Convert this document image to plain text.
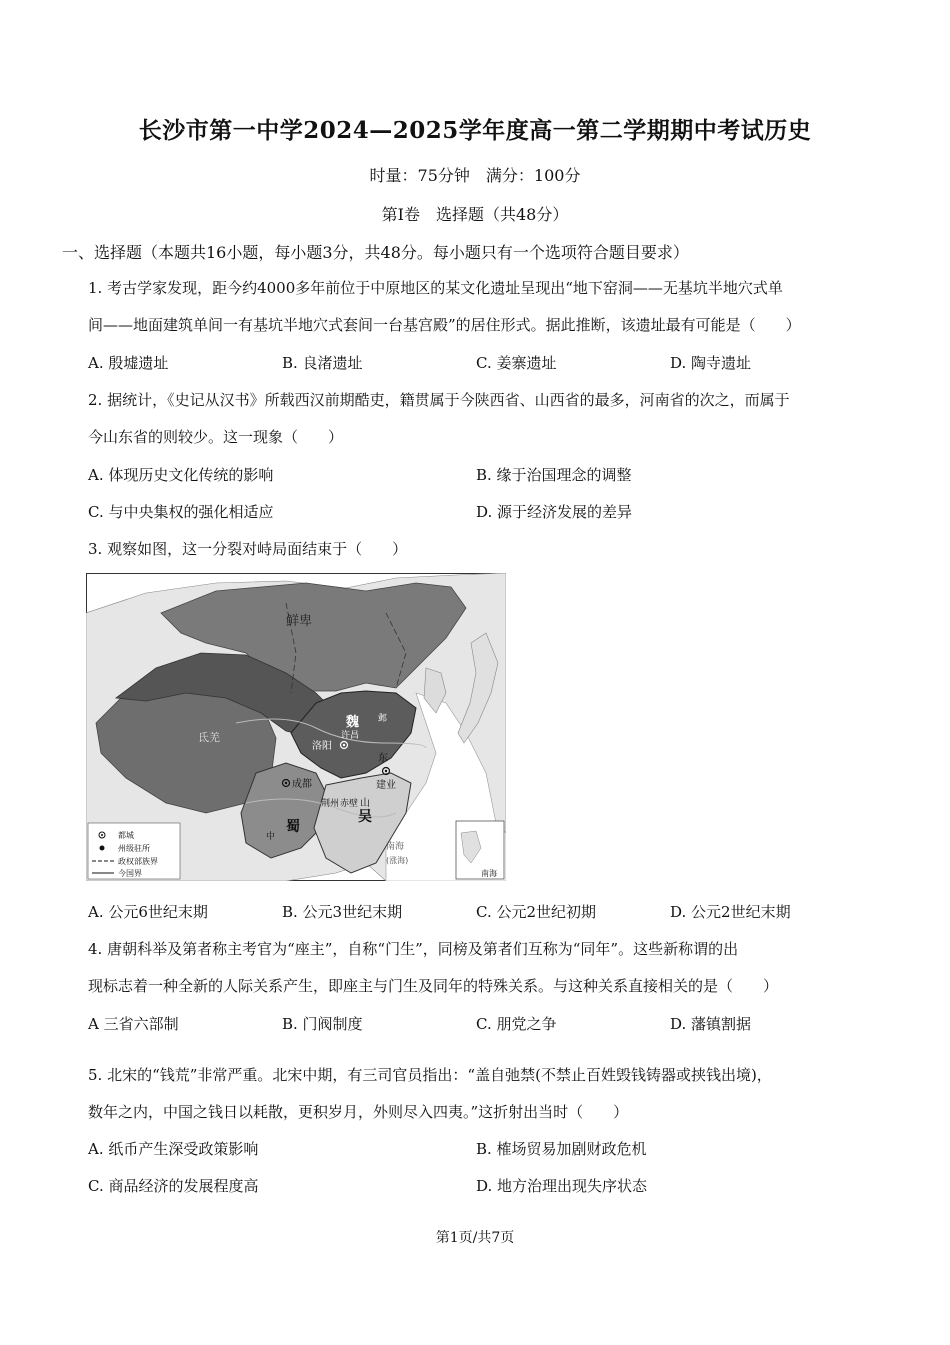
长沙市第一中学2024—2025学年度高一第二学期期中考试历史
时量：75分钟　满分：100分
第Ⅰ卷　选择题（共48分）
一、选择题（本题共16小题，每小题3分，共48分。每小题只有一个选项符合题目要求）
1. 考古学家发现，距今约4000多年前位于中原地区的某文化遗址呈现出“地下窑洞——无基坑半地穴式单
间——地面建筑单间一有基坑半地穴式套间一台基宫殿”的居住形式。据此推断，该遗址最有可能是（　　）
A. 殷墟遗址	B. 良渚遗址	C. 姜寨遗址	D. 陶寺遗址
2. 据统计，《史记从汉书》所载西汉前期酷吏，籍贯属于今陕西省、山西省的最多，河南省的次之，而属于
今山东省的则较少。这一现象（　　）
A. 体现历史文化传统的影响	B. 缘于治国理念的调整
C. 与中央集权的强化相适应	D. 源于经济发展的差异
3. 观察如图，这一分裂对峙局面结束于（　　）
鲜卑
魏
蜀
吴
成都
洛阳
建业
赤壁
荆州
东
山
南海
(涨海)
氐羌	许昌
邺
中
南海
都城
州级驻所
政权部族界
今国界
A. 公元6世纪末期	B. 公元3世纪末期	C. 公元2世纪初期	D. 公元2世纪末期
4. 唐朝科举及第者称主考官为“座主”，自称“门生”，同榜及第者们互称为“同年”。这些新称谓的出
现标志着一种全新的人际关系产生，即座主与门生及同年的特殊关系。与这种关系直接相关的是（　　）
A 三省六部制	B. 门阀制度	C. 朋党之争	D. 藩镇割据
5. 北宋的“钱荒”非常严重。北宋中期，有三司官员指出：“盖自弛禁(不禁止百姓毁钱铸器或挟钱出境)，
数年之内，中国之钱日以耗散，更积岁月，外则尽入四夷。”这折射出当时（　　）
A. 纸币产生深受政策影响	B. 榷场贸易加剧财政危机
C. 商品经济的发展程度高	D. 地方治理出现失序状态
第1页/共7页
